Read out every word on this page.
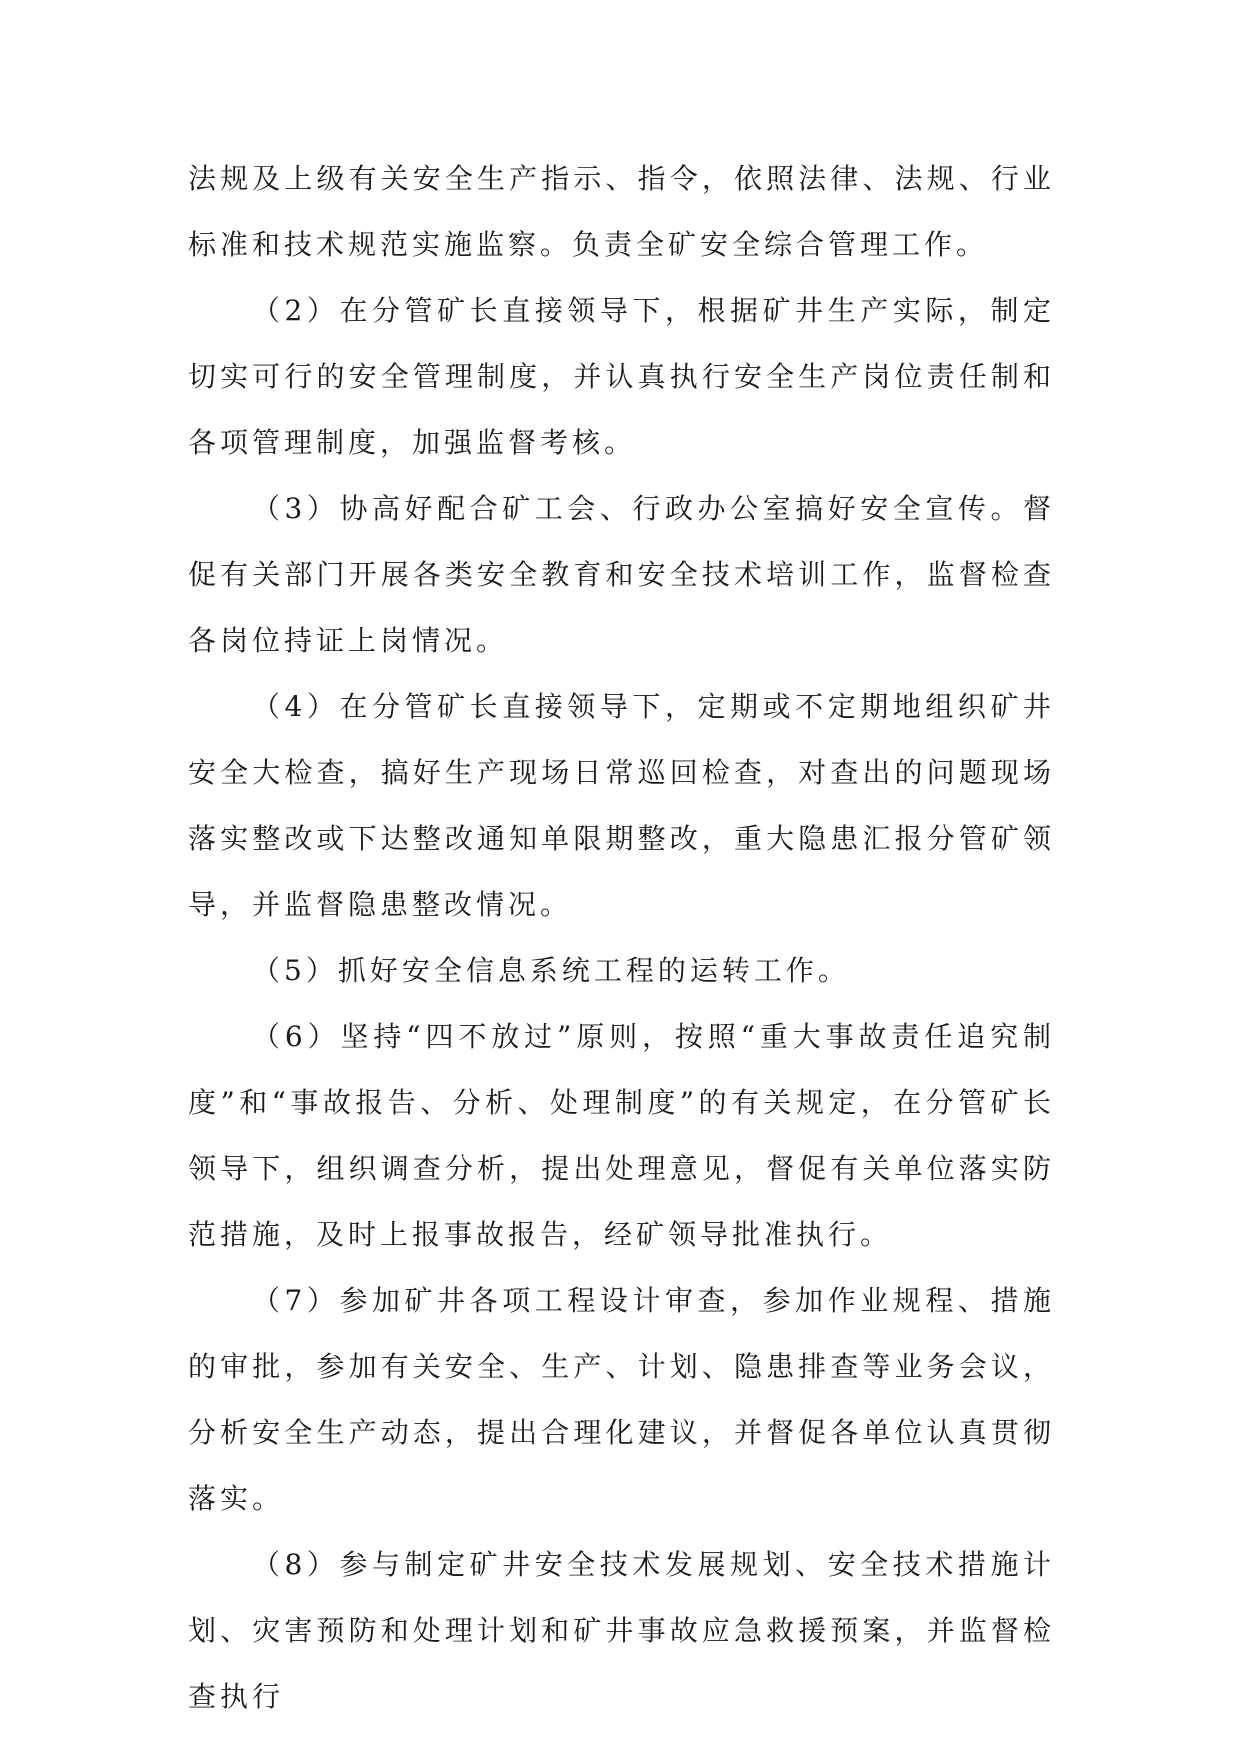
法规及上级有关安全生产指示、指令，依照法律、法规、行业标准和技术规范实施监察。负责全矿安全综合管理工作。

（2）在分管矿长直接领导下，根据矿井生产实际，制定切实可行的安全管理制度，并认真执行安全生产岗位责任制和各项管理制度，加强监督考核。

（3）协高好配合矿工会、行政办公室搞好安全宣传。督促有关部门开展各类安全教育和安全技术培训工作，监督检查各岗位持证上岗情况。

（4）在分管矿长直接领导下，定期或不定期地组织矿井安全大检查，搞好生产现场日常巡回检查，对查出的问题现场落实整改或下达整改通知单限期整改，重大隐患汇报分管矿领导，并监督隐患整改情况。

（5）抓好安全信息系统工程的运转工作。

（6）坚持“四不放过”原则，按照“重大事故责任追究制度”和“事故报告、分析、处理制度”的有关规定，在分管矿长领导下，组织调查分析，提出处理意见，督促有关单位落实防范措施，及时上报事故报告，经矿领导批准执行。

（7）参加矿井各项工程设计审查，参加作业规程、措施的审批，参加有关安全、生产、计划、隐患排查等业务会议，分析安全生产动态，提出合理化建议，并督促各单位认真贯彻落实。

（8）参与制定矿井安全技术发展规划、安全技术措施计划、灾害预防和处理计划和矿井事故应急救援预案，并监督检查执行
